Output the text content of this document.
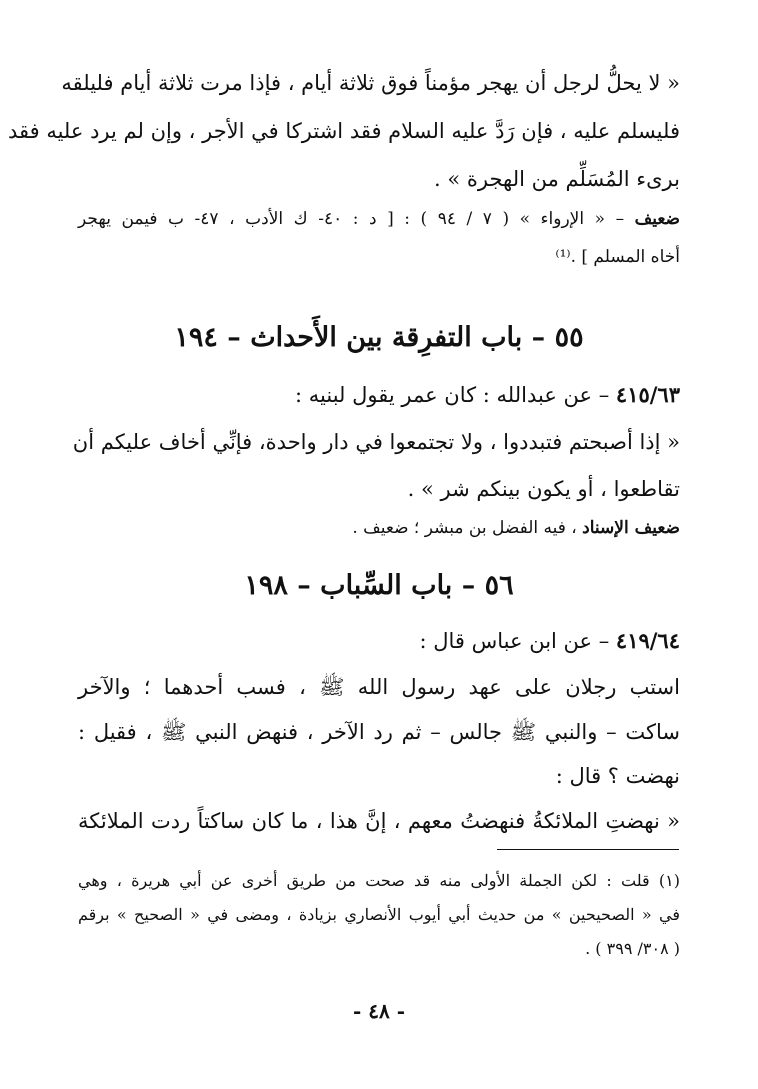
« لا يحلُّ لرجل أن يهجر مؤمناً فوق ثلاثة أيام ، فإذا مرت ثلاثة أيام فليلقه
فليسلم عليه ، فإن رَدَّ عليه السلام فقد اشتركا في الأجر ، وإن لم يرد عليه فقد
برىء المُسَلِّم من الهجرة » .
ضعيف – « الإرواء » ( ٧ / ٩٤ ) : [ د : ٤٠- ك الأدب ، ٤٧- ب فيمن يهجر
أخاه المسلم ] .⁽¹⁾
٥٥ – باب التفرِقة بين الأَحداث – ١٩٤
٤١٥/٦٣ – عن عبدالله : كان عمر يقول لبنيه :
« إذا أصبحتم فتبددوا ، ولا تجتمعوا في دار واحدة، فإنِّي أخاف عليكم أن
تقاطعوا ، أو يكون بينكم شر » .
ضعيف الإسناد ، فيه الفضل بن مبشر ؛ ضعيف .
٥٦ – باب السِّباب – ١٩٨
٤١٩/٦٤ – عن ابن عباس قال :
استب رجلان على عهد رسول الله ﷺ ، فسب أحدهما ؛ والآخر
ساكت – والنبي ﷺ جالس – ثم رد الآخر ، فنهض النبي ﷺ ، فقيل :
نهضت ؟ قال :
« نهضتِ الملائكةُ فنهضتُ معهم ، إنَّ هذا ، ما كان ساكتاً ردت الملائكة
(١) قلت : لكن الجملة الأولى منه قد صحت من طريق أخرى عن أبي هريرة ، وهي
في « الصحيحين » من حديث أبي أيوب الأنصاري بزيادة ، ومضى في « الصحيح » برقم
( ٣٠٨/ ٣٩٩ ) .
- ٤٨ -
